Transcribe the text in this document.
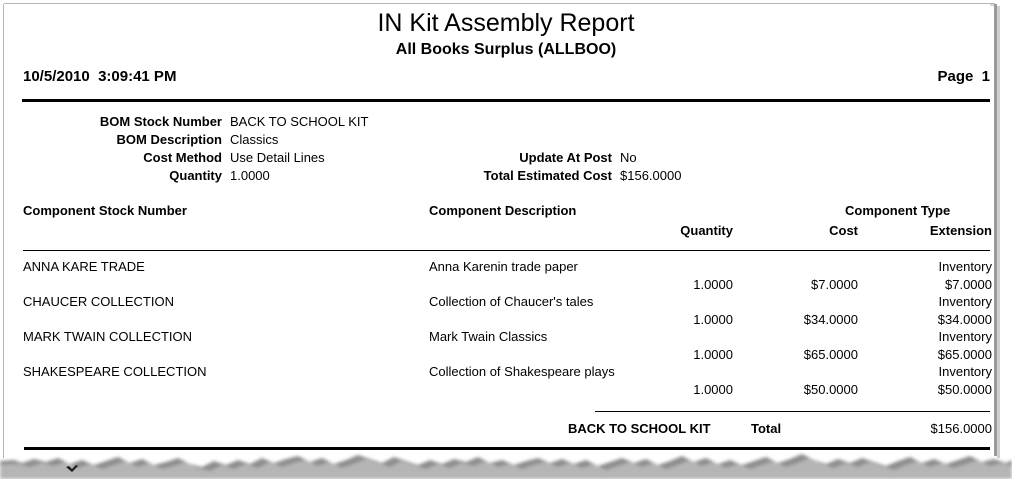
IN Kit Assembly Report
All Books Surplus (ALLBOO)
10/5/2010  3:09:41 PM	Page  1
BOM Stock Number BACK TO SCHOOL KIT
BOM Description Classics
Cost Method Use Detail Lines	Update At Post No
Quantity 1.0000	Total Estimated Cost $156.0000
Component Stock Number	Component Description	Component Type
Quantity	Cost	Extension
ANNA KARE TRADE	Anna Karenin trade paper	Inventory
1.0000	$7.0000	$7.0000
CHAUCER COLLECTION	Collection of Chaucer's tales	Inventory
1.0000	$34.0000	$34.0000
MARK TWAIN COLLECTION	Mark Twain Classics	Inventory
1.0000	$65.0000	$65.0000
SHAKESPEARE COLLECTION	Collection of Shakespeare plays	Inventory
1.0000	$50.0000	$50.0000
BACK TO SCHOOL KIT	Total	$156.0000
